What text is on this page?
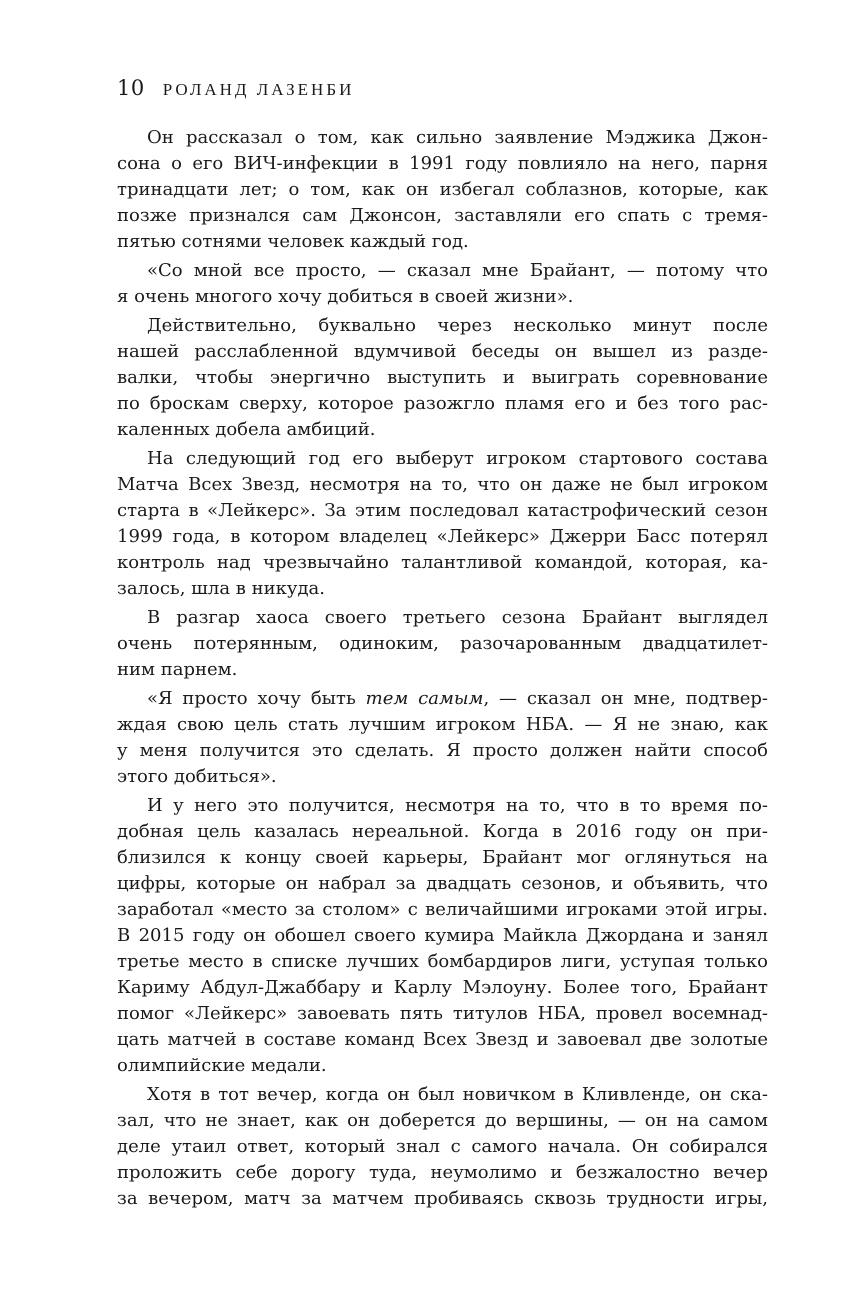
10 РОЛАНД ЛАЗЕНБИ
Он рассказал о том, как сильно заявление Мэджика Джон-
сона о его ВИЧ-инфекции в 1991 году повлияло на него, парня
тринадцати лет; о том, как он избегал соблазнов, которые, как
позже признался сам Джонсон, заставляли его спать с тремя-
пятью сотнями человек каждый год.
«Со мной все просто, — сказал мне Брайант, — потому что
я очень многого хочу добиться в своей жизни».
Действительно, буквально через несколько минут после
нашей расслабленной вдумчивой беседы он вышел из разде-
валки, чтобы энергично выступить и выиграть соревнование
по броскам сверху, которое разожгло пламя его и без того рас-
каленных добела амбиций.
На следующий год его выберут игроком стартового состава
Матча Всех Звезд, несмотря на то, что он даже не был игроком
старта в «Лейкерс». За этим последовал катастрофический сезон
1999 года, в котором владелец «Лейкерс» Джерри Басс потерял
контроль над чрезвычайно талантливой командой, которая, ка-
залось, шла в никуда.
В разгар хаоса своего третьего сезона Брайант выглядел
очень потерянным, одиноким, разочарованным двадцатилет-
ним парнем.
«Я просто хочу быть тем самым, — сказал он мне, подтвер-
ждая свою цель стать лучшим игроком НБА. — Я не знаю, как
у меня получится это сделать. Я просто должен найти способ
этого добиться».
И у него это получится, несмотря на то, что в то время по-
добная цель казалась нереальной. Когда в 2016 году он при-
близился к концу своей карьеры, Брайант мог оглянуться на
цифры, которые он набрал за двадцать сезонов, и объявить, что
заработал «место за столом» с величайшими игроками этой игры.
В 2015 году он обошел своего кумира Майкла Джордана и занял
третье место в списке лучших бомбардиров лиги, уступая только
Кариму Абдул-Джаббару и Карлу Мэлоуну. Более того, Брайант
помог «Лейкерс» завоевать пять титулов НБА, провел восемнад-
цать матчей в составе команд Всех Звезд и завоевал две золотые
олимпийские медали.
Хотя в тот вечер, когда он был новичком в Кливленде, он ска-
зал, что не знает, как он доберется до вершины, — он на самом
деле утаил ответ, который знал с самого начала. Он собирался
проложить себе дорогу туда, неумолимо и безжалостно вечер
за вечером, матч за матчем пробиваясь сквозь трудности игры,
